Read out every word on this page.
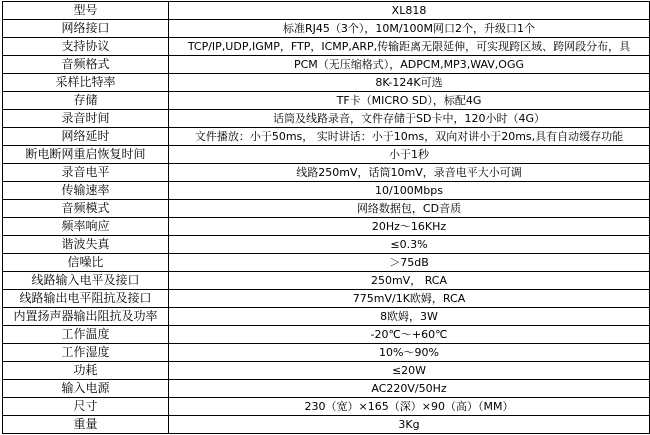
型号	XL818
网络接口	标准RJ45（3个），10M/100M网口2个，升级口1个
支持协议	TCP/IP,UDP,IGMP，FTP，ICMP,ARP,传输距离无限延伸，可实现跨区域、跨网段分布，具
音频格式	PCM（无压缩格式），ADPCM,MP3,WAV,OGG
采样比特率	8K-124K可选
存储	TF卡（MICRO SD），标配4G
录音时间	话筒及线路录音，文件存储于SD卡中，120小时（4G）
网络延时	文件播放：小于50ms， 实时讲话：小于10ms，双向对讲小于20ms,具有自动缓存功能
断电断网重启恢复时间	小于1秒
录音电平	线路250mV，话筒10mV，录音电平大小可调
传输速率	10/100Mbps
音频模式	网络数据包，CD音质
频率响应	20Hz～16KHz
谐波失真	≤0.3%
信噪比	＞75dB
线路输入电平及接口	250mV， RCA
线路输出电平阻抗及接口	775mV/1K欧姆，RCA
内置扬声器输出阻抗及功率	8欧姆，3W
工作温度	-20℃～+60℃
工作湿度	10%～90%
功耗	≤20W
输入电源	AC220V/50Hz
尺寸	230（宽）×165（深）×90（高）（MM）
重量	3Kg
